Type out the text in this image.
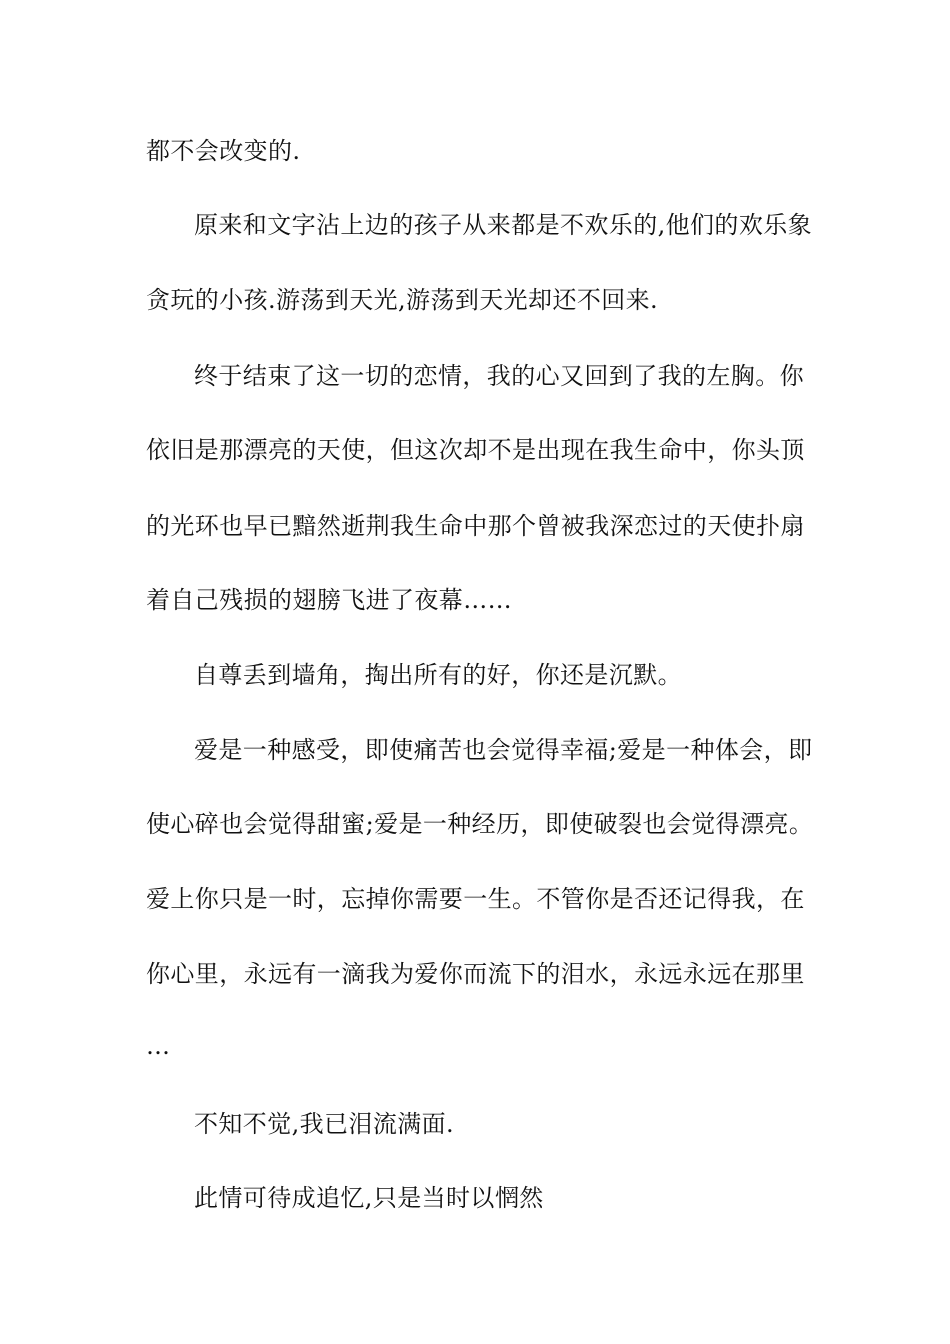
都不会改变的.
原来和文字沾上边的孩子从来都是不欢乐的,他们的欢乐象
贪玩的小孩.游荡到天光,游荡到天光却还不回来.
终于结束了这一切的恋情，我的心又回到了我的左胸。你
依旧是那漂亮的天使，但这次却不是出现在我生命中，你头顶
的光环也早已黯然逝荆我生命中那个曾被我深恋过的天使扑扇
着自己残损的翅膀飞进了夜幕……
自尊丢到墙角，掏出所有的好，你还是沉默。
爱是一种感受，即使痛苦也会觉得幸福;爱是一种体会，即
使心碎也会觉得甜蜜;爱是一种经历，即使破裂也会觉得漂亮。
爱上你只是一时，忘掉你需要一生。不管你是否还记得我，在
你心里，永远有一滴我为爱你而流下的泪水，永远永远在那里
…
不知不觉,我已泪流满面.
此情可待成追忆,只是当时以惘然
